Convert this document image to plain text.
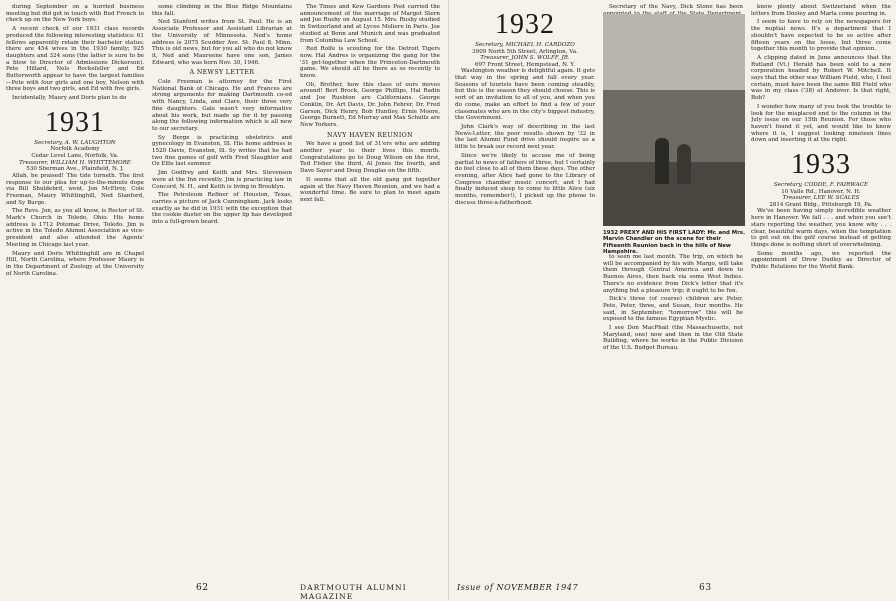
during September on a hurried business meeting but did get in touch with Bud French to check up on the New York boys.

A recent check of our 1931 class records produced the following interesting statistics: 61 fellows apparently retain their bachelor status; there are 454 wives in the 1930 family; 925 daughters and 324 sons (the latter is sure to be a blow to Director of Admissions Dickerson). Pete Hillard, Nels Rockefeller and Ed Butterworth appear to have the largest families—Pete with four girls and one boy, Nelson with three boys and two girls, and Ed with five girls.

Incidentally, Maury and Doris plan to do

1931
Secretary, A. W. LAUGHTON
Norfolk Academy
Cedar Level Lane, Norfolk, Va.
Treasurer, WILLIAM H. WHITTEMORE
530 Sherman Ave., Plainfield, N. J.

Allah, be praised! The tide turneth. The first response to our plea for up-to-the-minute dope via Bill Shuldebrd, went, Jon McElroy, Cole Freeman, Maury Whittinghill, Ned Stanford, and Sy Burge.

The Revs. Jon, as you all know, is Rector of St. Mark's Church in Toledo, Ohio. His home address is 1712 Potomac Drive, Toledo. Jim is active in the Toledo Alumni Association as vice-president and also attended the Agents' Meeting in Chicago last year.

Maury and Doris Whittinghill are in Chapel Hill, North Carolina, where Professor Maury is in the Department of Zoology at the University of North Carolina.

some climbing in the Blue Ridge Mountains this fall.

Ned Stanford writes from St. Paul. He is an Associate Professor and Assistant Librarian at the University of Minnesota. Ned's home address is 2075 Scudder Ave. St. Paul 8, Minn. This is old news, but for you all who do not know it, Ned and Maureene have one son, James Edward, who was born Nov. 30, 1946.

A NEWSY LETTER

Cole Freeman is attorney for the First National Bank of Chicago. He and Frances are strong arguments for making Dartmouth co-ed with Nancy, Linda, and Clare, their three very fine daughters. Gale wasn't very informative about his work, but made up for it by passing along the following information which is all new to our secretary.

Sy Berge is practicing obstetrics and gynecology in Evanston, Ill. His home address is 1520 Davis, Evanston, Ill. Sy writes that he had two fine games of golf with Fred Slaughter and Oz Ellis last summer.

Jim Godfrey and Keith and Mrs. Stevenson were at the Inn recently. Jim is practicing law in Concord, N. H., and Keith is living in Brooklyn.

The Petroleum Refiner of Houston, Texas, carries a picture of Jack Cunningham. Jack looks exactly as he did in 1931 with the exception that the cookie duster on the upper lip has developed into a full-grown beard.

The Times and Kew Gardens Post carried the announcement of the marriage of Margot Stern and Joe Rushy on August 15. Mrs. Rushy studied in Switzerland and at Lycee Moliere in Paris. Joe studied at Bonn and Munich and was graduated from Columbia Law School.

Red Rolfe is scouting for the Detroit Tigers now. Hal Andres is organizing the gang for the '31 get-together when the Princeton-Dartmouth game. We should all be there as so recently to know.

Oh, Brother, how this class of ours moves around! Bert Brock, George Phillips, Hal Radin and Joe Rushton are Californians. George Conklin, Dr. Art Davis, Dr. John Fehrer, Dr. Fred Garson, Dick Henry, Bob Huntley, Ernie Moore, George Burnett, Ed Murray and Max Schultz are New Yorkers.

NAVY HAVEN REUNION

We have a good list of 31'ers who are adding another year to their lives this month. Congratulations go to Doug Wilson on the first, Ted Fisher the third, Al Jones the fourth, and Dave Sayer and Doug Douglas on the fifth.

It seems that all the old gang got together again at the Navy Haven Reunion, and we had a wonderful time. Be sure to plan to meet again next fall.

62	DARTMOUTH ALUMNI MAGAZINE
1932
Secretary, MICHAEL H. CARDOZO
3909 North 5th Street, Arlington, Va.
Treasurer, JOHN S. WOLFF, JR.
697 Front Street, Hempstead, N. Y.

Washington weather is delightful again. It gets that way in the spring and fall every year. Seasons of tourists have been coming steadily, but this is the season they should choose. This is sort of an invitation to all of you, and when you do come, make an effort to find a few of your classmates who are in the city's biggest industry, the Government.

John Clark's way of describing in the last News-Letter, the poor results shown by '32 in the last Alumni Fund drive should inspire us a little to break our record next year.

Since we're likely to accuse me of being partial to news of fathers of three, but I certainly do feel close to all of them these days. The other evening, after Alice had gone to the Library of Congress chamber music concert, and I had finally induced sleep to come to little Alice (six months, remember!), I picked up the phone to discuss three-a-fatherhood.

Secretary of the Navy, Dick Stone has been

1932 PREXY AND HIS FIRST LADY: Mr. and Mrs. Marvin Chandler on the scene for their Fifteenth Reunion back in the hills of New Hampshire.

to seen me last month. The trip, on which he will be accompanied by his wife Margo, will take them through Central America and down to Buenos Aires, then back via some West Indies. There's no evidence from Dick's letter that it's anything but a pleasure trip; it ought to be fun.

Dick's three (of course) children are Peter, Pete, Peter, three, and Susan, four months. He said, in September, "tomorrow" this will be exposed to the famous Egyptian Mystic.

I see Don MacPhail (the Massachusetts, not Maryland, one) now and then in the Old State Building, where he works in the Public Division of the U.S. Budget Bureau.

know plenty about Switzerland when the letters from Dooley and Marla come pouring in.

I seem to have to rely on the newspapers for the nuptial news. It's a department that I shouldn't have expected to be so active after fifteen years on the loose, but three come together this month to provide that opinion.

A clipping dated in June announces that the Rutland (Vt.) Herald has been sold to a new corporation headed by Robert W. Mitchell. It says that the other was William Field, who, I feel certain, must have been the same Bill Field who was in my class ('38) at Andover. Is that right, Bob?

I wonder how many of you took the trouble to look for the misplaced end to the column in the July issue on our 15th Reunion. For those who haven't found it yet, and would like to know where it is, I suggest looking nineteen lines down and inserting it at the right.

1933
Secretary, CODDE, F. FAIRWACE
10 Valle Rd., Hanover, N. H.
Treasurer, LEE W. SCALES
2814 Grant Bldg., Pittsburgh 19, Pa.

We've been having simply incredible weather here in Hanover. We fall . . . and when you see't stars reporting the weather, you know why . . . clear, beautiful warm days, when the temptation to get out on the golf course instead of getting things done is nothing short of overwhelming.

Some months ago, we reported the appointment of Drew Dudley as Director of Public Relations for the World Bank.

Issue of NOVEMBER 1947	63
